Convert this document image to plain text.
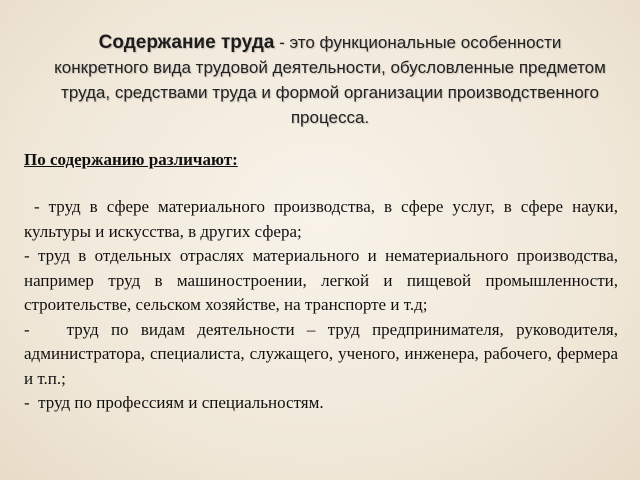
Содержание труда - это функциональные особенности конкретного вида трудовой деятельности, обусловленные предметом труда, средствами труда и формой организации производственного процесса.
По содержанию различают:

- труд в сфере материального производства, в сфере услуг, в сфере науки, культуры и искусства, в других сфера;

- труд в отдельных отраслях материального и нематериального производства, например труд в машиностроении, легкой и пищевой промышленности, строительстве, сельском хозяйстве, на транспорте и т.д;

-   труд по видам деятельности – труд предпринимателя, руководителя, администратора, специалиста, служащего, ученого, инженера, рабочего, фермера и т.п.;

-  труд по профессиям и специальностям.
